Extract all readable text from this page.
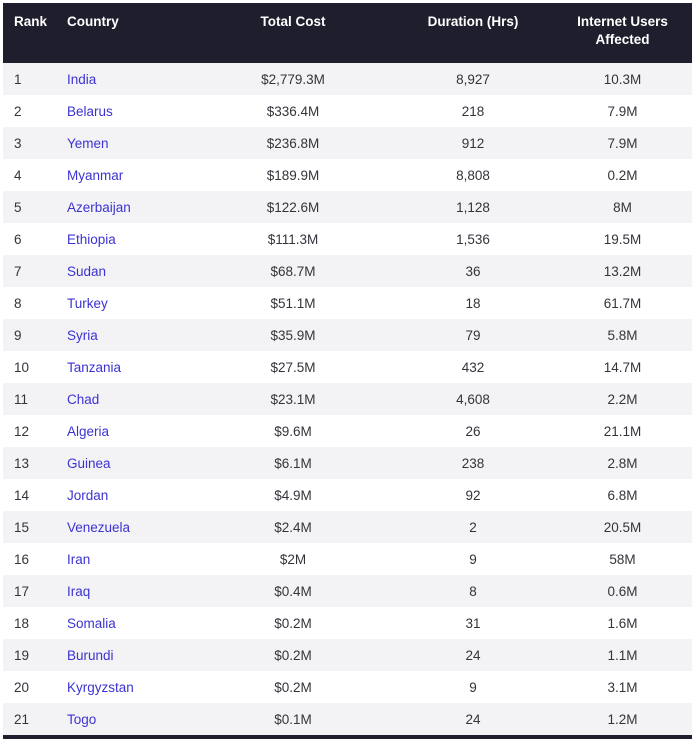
Rank	Country	Total Cost	Duration (Hrs)	Internet Users Affected
1	India	$2,779.3M	8,927	10.3M
2	Belarus	$336.4M	218	7.9M
3	Yemen	$236.8M	912	7.9M
4	Myanmar	$189.9M	8,808	0.2M
5	Azerbaijan	$122.6M	1,128	8M
6	Ethiopia	$111.3M	1,536	19.5M
7	Sudan	$68.7M	36	13.2M
8	Turkey	$51.1M	18	61.7M
9	Syria	$35.9M	79	5.8M
10	Tanzania	$27.5M	432	14.7M
11	Chad	$23.1M	4,608	2.2M
12	Algeria	$9.6M	26	21.1M
13	Guinea	$6.1M	238	2.8M
14	Jordan	$4.9M	92	6.8M
15	Venezuela	$2.4M	2	20.5M
16	Iran	$2M	9	58M
17	Iraq	$0.4M	8	0.6M
18	Somalia	$0.2M	31	1.6M
19	Burundi	$0.2M	24	1.1M
20	Kyrgyzstan	$0.2M	9	3.1M
21	Togo	$0.1M	24	1.2M
